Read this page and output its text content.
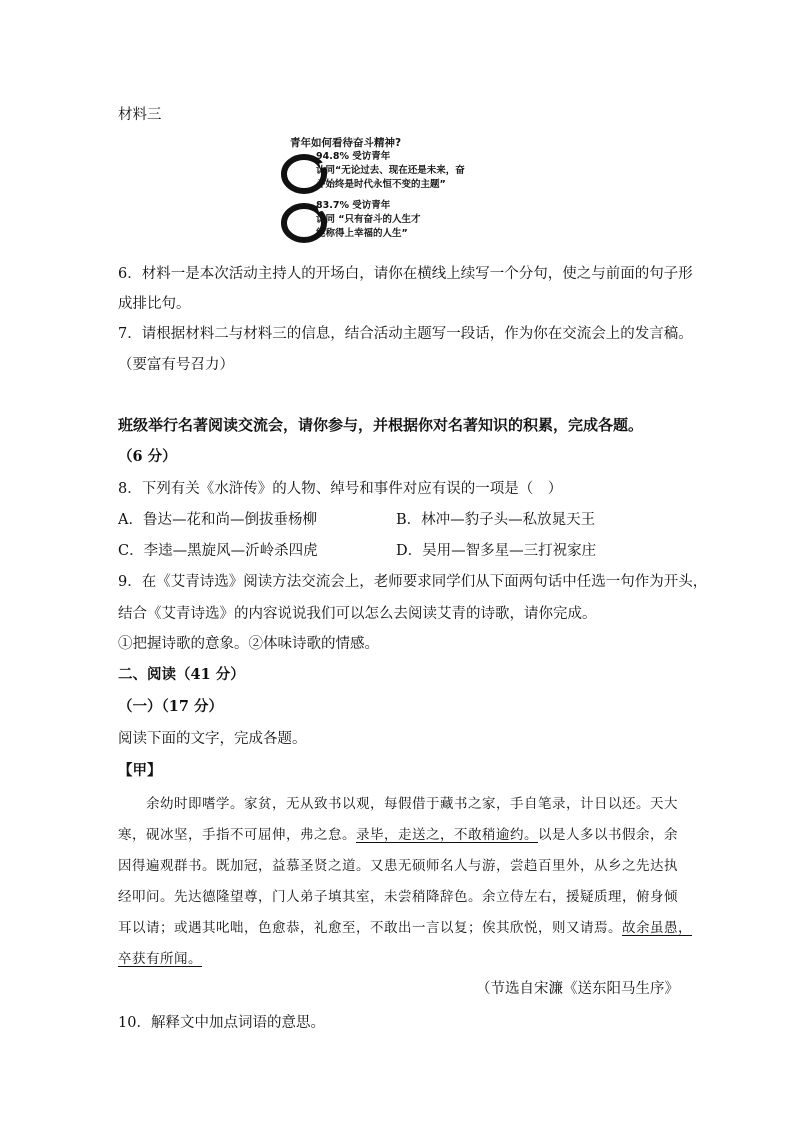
材料三
青年如何看待奋斗精神?
94.8% 受访青年
认同“无论过去、现在还是未来，奋
斗始终是时代永恒不变的主题”
83.7% 受访青年
认同 “只有奋斗的人生才
能称得上幸福的人生”
6．材料一是本次活动主持人的开场白，请你在横线上续写一个分句，使之与前面的句子形
成排比句。
7．请根据材料二与材料三的信息，结合活动主题写一段话，作为你在交流会上的发言稿。
（要富有号召力）
班级举行名著阅读交流会，请你参与，并根据你对名著知识的积累，完成各题。
（6 分）
8．下列有关《水浒传》的人物、绰号和事件对应有误的一项是（　）
A．鲁达—花和尚—倒拔垂杨柳	B．林冲—豹子头—私放晁天王
C．李逵—黑旋风—沂岭杀四虎	D．吴用—智多星—三打祝家庄
9．在《艾青诗选》阅读方法交流会上，老师要求同学们从下面两句话中任选一句作为开头，
结合《艾青诗选》的内容说说我们可以怎么去阅读艾青的诗歌，请你完成。
①把握诗歌的意象。②体味诗歌的情感。
二、阅读（41 分）
（一）（17 分）
阅读下面的文字，完成各题。
【甲】
余幼时即嗜学。家贫，无从致书以观，每假借于藏书之家，手自笔录，计日以还。天大
寒，砚冰坚，手指不可屈伸，弗之怠。录毕，走送之，不敢稍逾约。以是人多以书假余，余
因得遍观群书。既加冠，益慕圣贤之道。又患无硕师名人与游，尝趋百里外，从乡之先达执
经叩问。先达德隆望尊，门人弟子填其室，未尝稍降辞色。余立侍左右，援疑质理，俯身倾
耳以请；或遇其叱咄，色愈恭，礼愈至，不敢出一言以复；俟其欣悦，则又请焉。故余虽愚，
卒获有所闻。
（节选自宋濂《送东阳马生序》
10．解释文中加点词语的意思。
